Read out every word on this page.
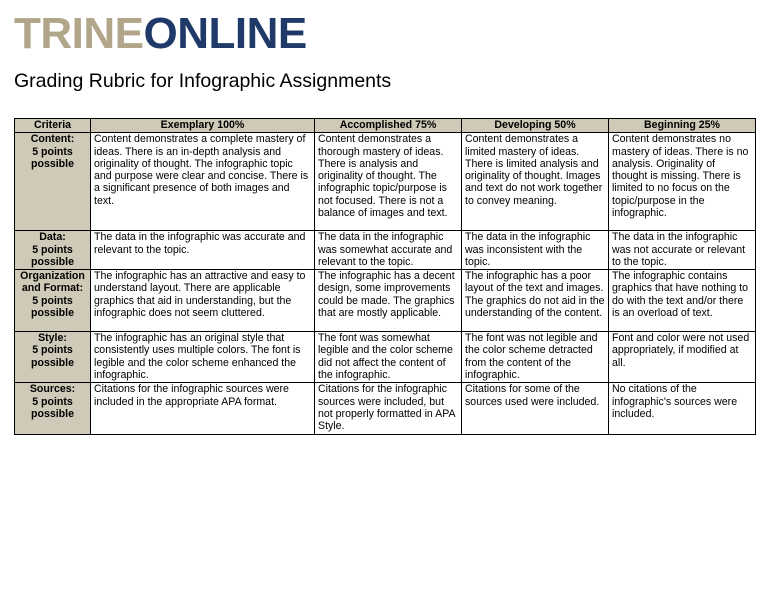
TRINEONLINE
Grading Rubric for Infographic Assignments
Criteria	Exemplary 100%	Accomplished 75%	Developing 50%	Beginning 25%

Content:
5 points possible	Content demonstrates a complete mastery of ideas. There is an in-depth analysis and originality of thought. The infographic topic and purpose were clear and concise. There is a significant presence of both images and text.	Content demonstrates a thorough mastery of ideas. There is analysis and originality of thought. The infographic topic/purpose is not focused. There is not a balance of images and text.	Content demonstrates a limited mastery of ideas. There is limited analysis and originality of thought. Images and text do not work together to convey meaning.	Content demonstrates no mastery of ideas. There is no analysis. Originality of thought is missing. There is limited to no focus on the topic/purpose in the infographic.

Data:
5 points possible	The data in the infographic was accurate and relevant to the topic.	The data in the infographic was somewhat accurate and relevant to the topic.	The data in the infographic was inconsistent with the topic.	The data in the infographic was not accurate or relevant to the topic.

Organization and Format:
5 points possible	The infographic has an attractive and easy to understand layout. There are applicable graphics that aid in understanding, but the infographic does not seem cluttered.	The infographic has a decent design, some improvements could be made. The graphics that are mostly applicable.	The infographic has a poor layout of the text and images. The graphics do not aid in the understanding of the content.	The infographic contains graphics that have nothing to do with the text and/or there is an overload of text.

Style:
5 points possible	The infographic has an original style that consistently uses multiple colors. The font is legible and the color scheme enhanced the infographic.	The font was somewhat legible and the color scheme did not affect the content of the infographic.	The font was not legible and the color scheme detracted from the content of the infographic.	Font and color were not used appropriately, if modified at all.

Sources:
5 points possible	Citations for the infographic sources were included in the appropriate APA format.	Citations for the infographic sources were included, but not properly formatted in APA Style.	Citations for some of the sources used were included.	No citations of the infographic's sources were included.
